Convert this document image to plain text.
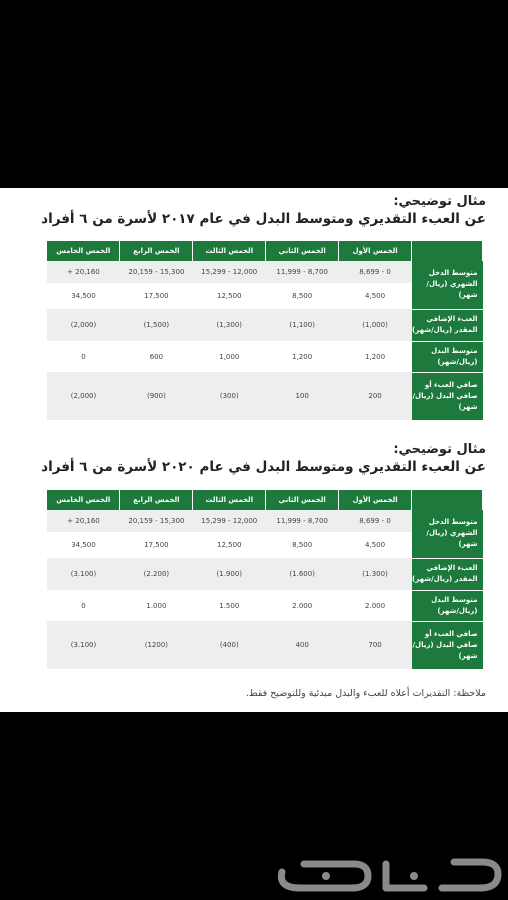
مثال توضيحي:
عن العبء التقديري ومتوسط البدل في عام ٢٠١٧ لأسرة من ٦ أفراد
	الخمس الأول	الخمس الثاني	الخمس الثالث	الخمس الرابع	الخمس الخامس
متوسط الدخل الشهري (ريال/شهر)	0 - 8,699	8,700 - 11,999	12,000 - 15,299	15,300 - 20,159	20,160 +
	4,500	8,500	12,500	17,500	34,500
العبء الإضافي المقدر (ريال/شهر)	(1,000)	(1,100)	(1,300)	(1,500)	(2,000)
متوسط البدل (ريال/شهر)	1,200	1,200	1,000	600	0
صافي العبء أو صافي البدل (ريال/شهر)	200	100	(300)	(900)	(2,000)
مثال توضيحي:
عن العبء التقديري ومتوسط البدل في عام ٢٠٢٠ لأسرة من ٦ أفراد
	الخمس الأول	الخمس الثاني	الخمس الثالث	الخمس الرابع	الخمس الخامس
متوسط الدخل الشهري (ريال/شهر)	0 - 8,699	8,700 - 11,999	12,000 - 15,299	15,300 - 20,159	20,160 +
	4,500	8,500	12,500	17,500	34,500
العبء الإضافي المقدر (ريال/شهر)	(1.300)	(1.600)	(1.900)	(2.200)	(3.100)
متوسط البدل (ريال/شهر)	2.000	2.000	1.500	1.000	0
صافي العبء أو صافي البدل (ريال/شهر)	700	400	(400)	(1200)	(3.100)
ملاحظة: التقديرات أعلاه للعبء والبدل مبدئية وللتوضيح فقط.
